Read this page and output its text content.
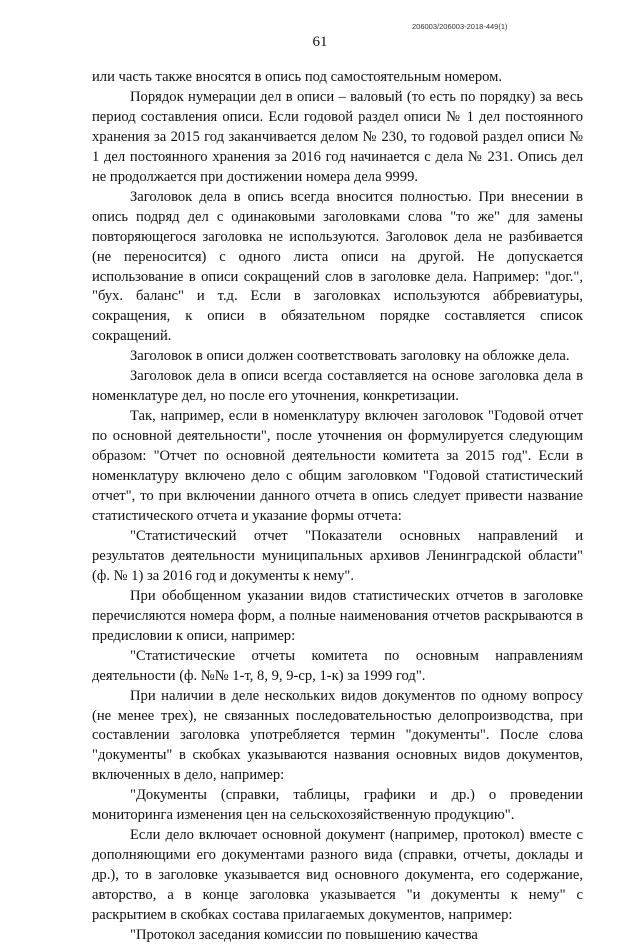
206003/206003-2018-449(1)
61

или часть также вносятся в опись под самостоятельным номером.

Порядок нумерации дел в описи – валовый (то есть по порядку) за весь период составления описи. Если годовой раздел описи № 1 дел постоянного хранения за 2015 год заканчивается делом № 230, то годовой раздел описи № 1 дел постоянного хранения за 2016 год начинается с дела № 231. Опись дел не продолжается при достижении номера дела 9999.

Заголовок дела в опись всегда вносится полностью. При внесении в опись подряд дел с одинаковыми заголовками слова "то же" для замены повторяющегося заголовка не используются. Заголовок дела не разбивается (не переносится) с одного листа описи на другой. Не допускается использование в описи сокращений слов в заголовке дела. Например: "дог.", "бух. баланс" и т.д. Если в заголовках используются аббревиатуры, сокращения, к описи в обязательном порядке составляется список сокращений.

Заголовок в описи должен соответствовать заголовку на обложке дела.

Заголовок дела в описи всегда составляется на основе заголовка дела в номенклатуре дел, но после его уточнения, конкретизации.

Так, например, если в номенклатуру включен заголовок "Годовой отчет по основной деятельности", после уточнения он формулируется следующим образом: "Отчет по основной деятельности комитета за 2015 год". Если в номенклатуру включено дело с общим заголовком "Годовой статистический отчет", то при включении данного отчета в опись следует привести название статистического отчета и указание формы отчета:

"Статистический отчет "Показатели основных направлений и результатов деятельности муниципальных архивов Ленинградской области" (ф. № 1) за 2016 год и документы к нему".

При обобщенном указании видов статистических отчетов в заголовке перечисляются номера форм, а полные наименования отчетов раскрываются в предисловии к описи, например:

"Статистические отчеты комитета по основным направлениям деятельности (ф. №№ 1-т, 8, 9, 9-ср, 1-к) за 1999 год".

При наличии в деле нескольких видов документов по одному вопросу (не менее трех), не связанных последовательностью делопроизводства, при составлении заголовка употребляется термин "документы". После слова "документы" в скобках указываются названия основных видов документов, включенных в дело, например:

"Документы (справки, таблицы, графики и др.) о проведении мониторинга изменения цен на сельскохозяйственную продукцию".

Если дело включает основной документ (например, протокол) вместе с дополняющими его документами разного вида (справки, отчеты, доклады и др.), то в заголовке указывается вид основного документа, его содержание, авторство, а в конце заголовка указывается "и документы к нему" с раскрытием в скобках состава прилагаемых документов, например:

"Протокол заседания комиссии по повышению качества
